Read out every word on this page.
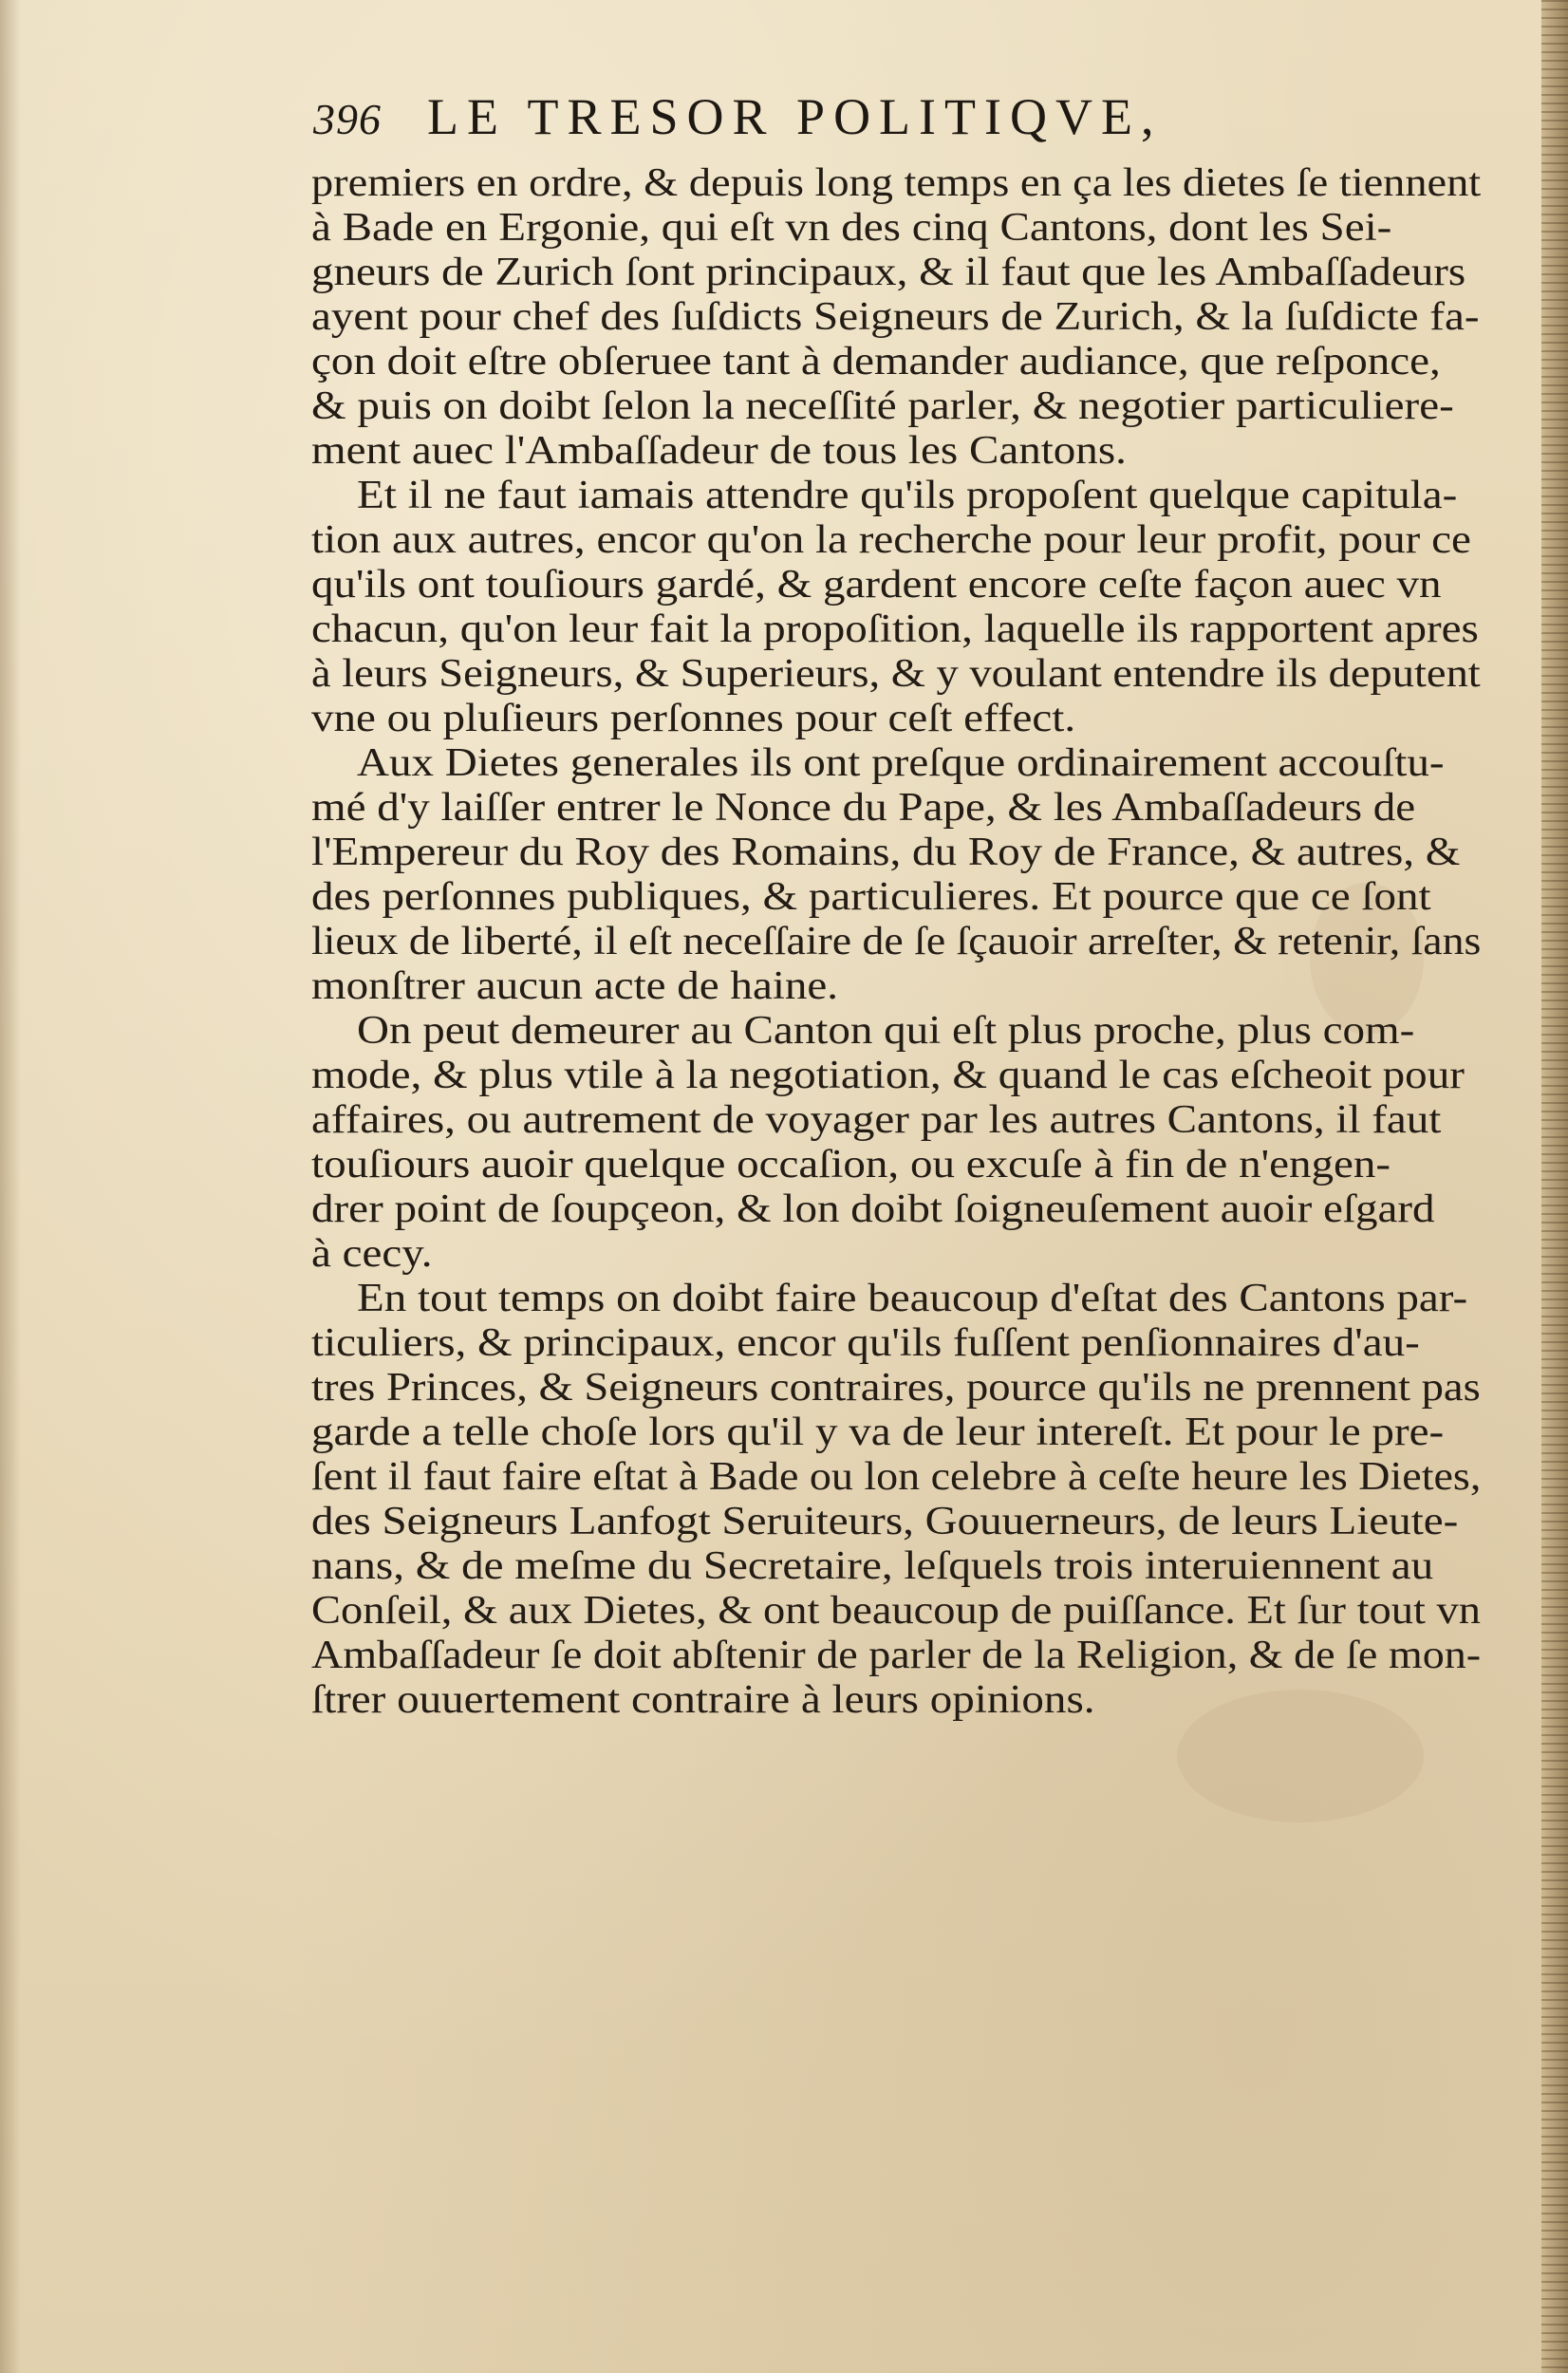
396 LE TRESOR POLITIQVE,
premiers en ordre, & depuis long temps en ça les dietes ſe tiennent
à Bade en Ergonie, qui eſt vn des cinq Cantons, dont les Sei-
gneurs de Zurich ſont principaux, & il faut que les Ambaſſadeurs
ayent pour chef des ſuſdicts Seigneurs de Zurich, & la ſuſdicte fa-
çon doit eſtre obſeruee tant à demander audiance, que reſponce,
& puis on doibt ſelon la neceſſité parler, & negotier particuliere-
ment auec l'Ambaſſadeur de tous les Cantons.
Et il ne faut iamais attendre qu'ils propoſent quelque capitula-
tion aux autres, encor qu'on la recherche pour leur profit, pour ce
qu'ils ont touſiours gardé, & gardent encore ceſte façon auec vn
chacun, qu'on leur fait la propoſition, laquelle ils rapportent apres
à leurs Seigneurs, & Superieurs, & y voulant entendre ils deputent
vne ou pluſieurs perſonnes pour ceſt effect.
Aux Dietes generales ils ont preſque ordinairement accouſtu-
mé d'y laiſſer entrer le Nonce du Pape, & les Ambaſſadeurs de
l'Empereur du Roy des Romains, du Roy de France, & autres, &
des perſonnes publiques, & particulieres. Et pource que ce ſont
lieux de liberté, il eſt neceſſaire de ſe ſçauoir arreſter, & retenir, ſans
monſtrer aucun acte de haine.
On peut demeurer au Canton qui eſt plus proche, plus com-
mode, & plus vtile à la negotiation, & quand le cas eſcheoit pour
affaires, ou autrement de voyager par les autres Cantons, il faut
touſiours auoir quelque occaſion, ou excuſe à fin de n'engen-
drer point de ſoupçeon, & lon doibt ſoigneuſement auoir eſgard
à cecy.
En tout temps on doibt faire beaucoup d'eſtat des Cantons par-
ticuliers, & principaux, encor qu'ils fuſſent penſionnaires d'au-
tres Princes, & Seigneurs contraires, pource qu'ils ne prennent pas
garde a telle choſe lors qu'il y va de leur intereſt. Et pour le pre-
ſent il faut faire eſtat à Bade ou lon celebre à ceſte heure les Dietes,
des Seigneurs Lanfogt Seruiteurs, Gouuerneurs, de leurs Lieute-
nans, & de meſme du Secretaire, leſquels trois interuiennent au
Conſeil, & aux Dietes, & ont beaucoup de puiſſance. Et ſur tout vn
Ambaſſadeur ſe doit abſtenir de parler de la Religion, & de ſe mon-
ſtrer ouuertement contraire à leurs opinions.
